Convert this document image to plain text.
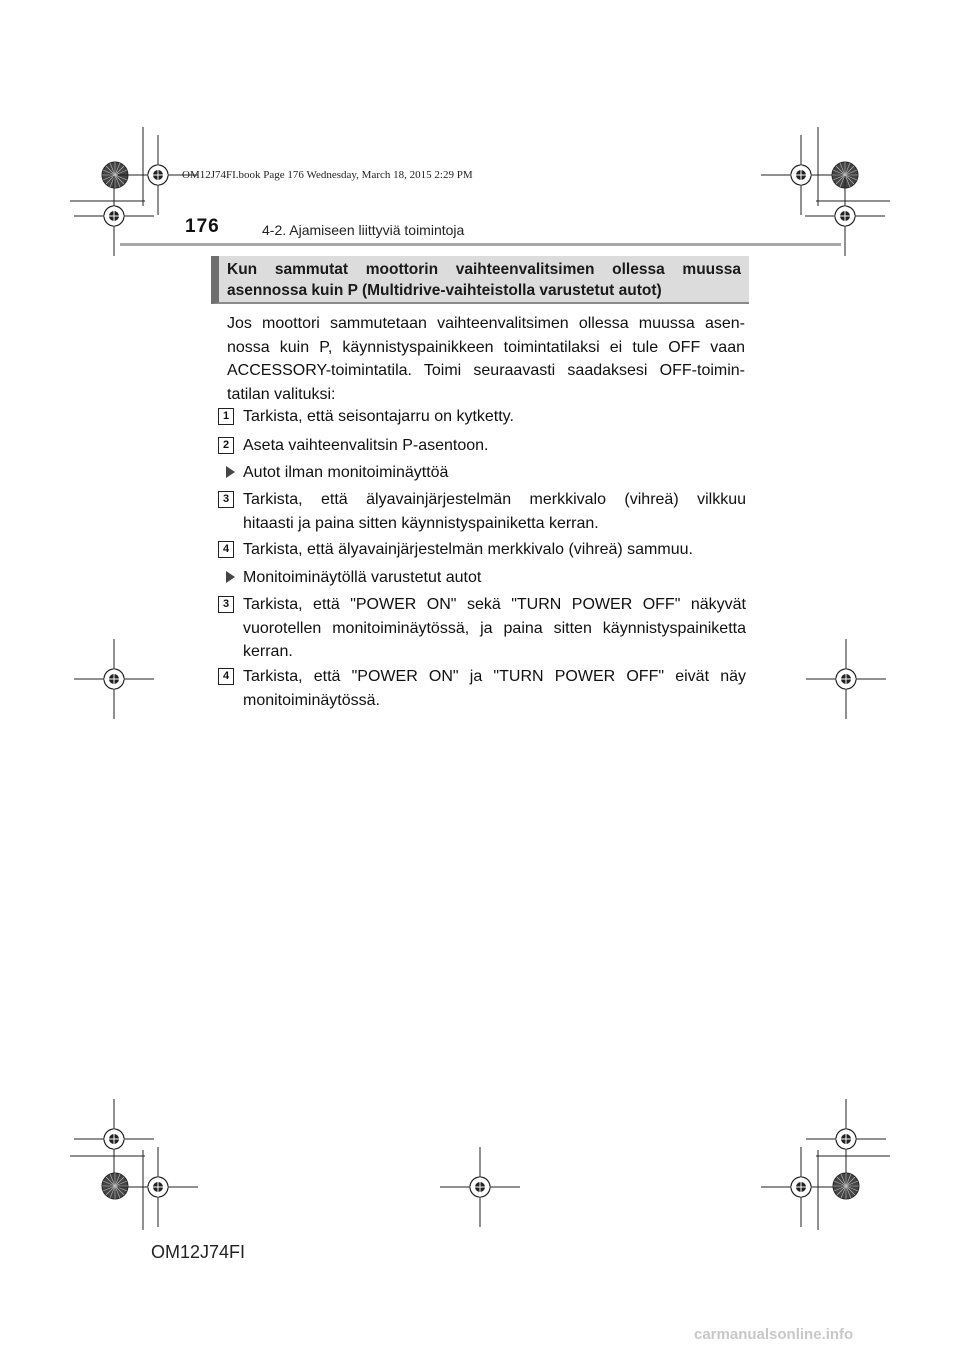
OM12J74FI.book Page 176 Wednesday, March 18, 2015 2:29 PM
176	4-2. Ajamiseen liittyviä toimintoja
Kun sammutat moottorin vaihteenvalitsimen ollessa muussa
asennossa kuin P (Multidrive-vaihteistolla varustetut autot)
Jos moottori sammutetaan vaihteenvalitsimen ollessa muussa asen-
nossa kuin P, käynnistyspainikkeen toimintatilaksi ei tule OFF vaan
ACCESSORY-toimintatila. Toimi seuraavasti saadaksesi OFF-toimin-
tatilan valituksi:
1 Tarkista, että seisontajarru on kytketty.
2 Aseta vaihteenvalitsin P-asentoon.
Autot ilman monitoiminäyttöä
3 Tarkista, että älyavainjärjestelmän merkkivalo (vihreä) vilkkuu
hitaasti ja paina sitten käynnistyspainiketta kerran.
4 Tarkista, että älyavainjärjestelmän merkkivalo (vihreä) sammuu.
Monitoiminäytöllä varustetut autot
3 Tarkista, että "POWER ON" sekä "TURN POWER OFF" näkyvät
vuorotellen monitoiminäytössä, ja paina sitten käynnistyspainiketta
kerran.
4 Tarkista, että "POWER ON" ja "TURN POWER OFF" eivät näy
monitoiminäytössä.
OM12J74FI
carmanualsonline.info
